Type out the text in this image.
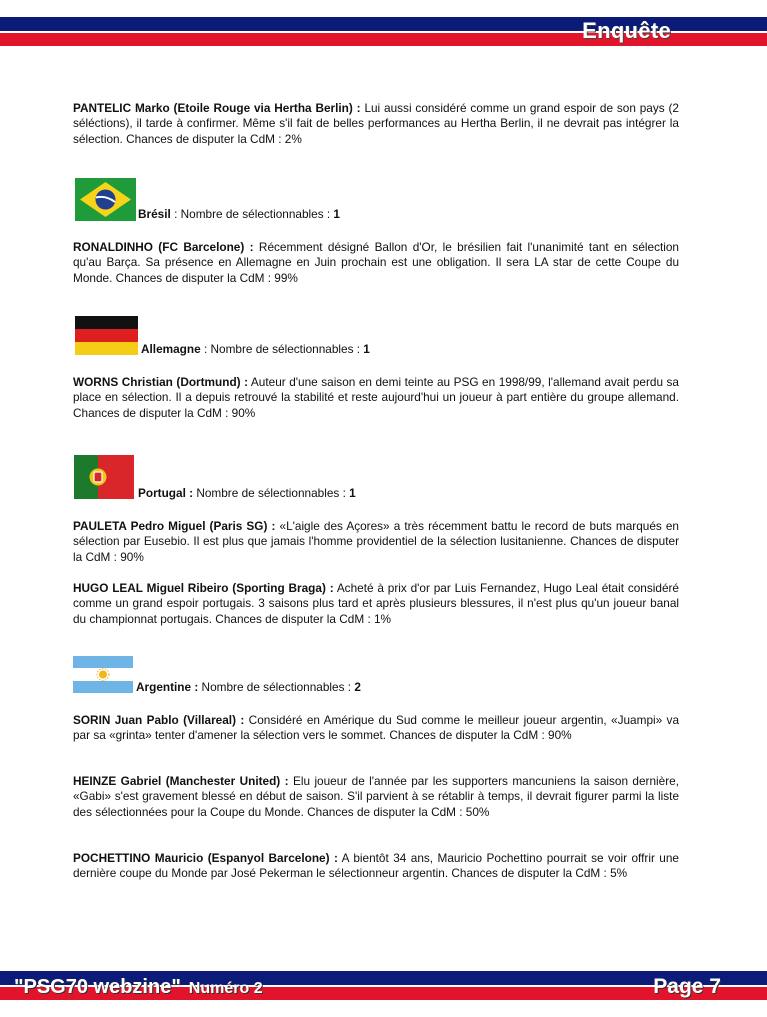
Enquête

PANTELIC Marko (Etoile Rouge via Hertha Berlin) : Lui aussi considéré comme un grand espoir de son pays (2 séléctions), il tarde à confirmer. Même s'il fait de belles performances au Hertha Berlin, il ne devrait pas intégrer la sélection. Chances de disputer la CdM : 2%

Brésil : Nombre de sélectionnables : 1

RONALDINHO (FC Barcelone) : Récemment désigné Ballon d'Or, le brésilien fait l'unanimité tant en sélection qu'au Barça. Sa présence en Allemagne en Juin prochain est une obligation. Il sera LA star de cette Coupe du Monde. Chances de disputer la CdM : 99%

Allemagne : Nombre de sélectionnables : 1

WORNS Christian (Dortmund) : Auteur d'une saison en demi teinte au PSG en 1998/99, l'allemand avait perdu sa place en sélection. Il a depuis retrouvé la stabilité et reste aujourd'hui un joueur à part entière du groupe allemand. Chances de disputer la CdM : 90%

Portugal : Nombre de sélectionnables : 1

PAULETA Pedro Miguel (Paris SG) : «L'aigle des Açores» a très récemment battu le record de buts marqués en sélection par Eusebio. Il est plus que jamais l'homme providentiel de la sélection lusitanienne. Chances de disputer la CdM : 90%

HUGO LEAL Miguel Ribeiro (Sporting Braga) : Acheté à prix d'or par Luis Fernandez, Hugo Leal était considéré comme un grand espoir portugais. 3 saisons plus tard et après plusieurs blessures, il n'est plus qu'un joueur banal du championnat portugais. Chances de disputer la CdM : 1%

Argentine : Nombre de sélectionnables : 2

SORIN Juan Pablo (Villareal) : Considéré en Amérique du Sud comme le meilleur joueur argentin, «Juampi» va par sa «grinta» tenter d'amener la sélection vers le sommet. Chances de disputer la CdM : 90%

HEINZE Gabriel (Manchester United) : Elu joueur de l'année par les supporters mancuniens la saison dernière, «Gabi» s'est gravement blessé en début de saison. S'il parvient à se rétablir à temps, il devrait figurer parmi la liste des sélectionnées pour la Coupe du Monde. Chances de disputer la CdM : 50%

POCHETTINO Mauricio (Espanyol Barcelone) : A bientôt 34 ans, Mauricio Pochettino pourrait se voir offrir une dernière coupe du Monde par José Pekerman le sélectionneur argentin. Chances de disputer la CdM : 5%

"PSG70 webzine" Numéro 2	Page 7
